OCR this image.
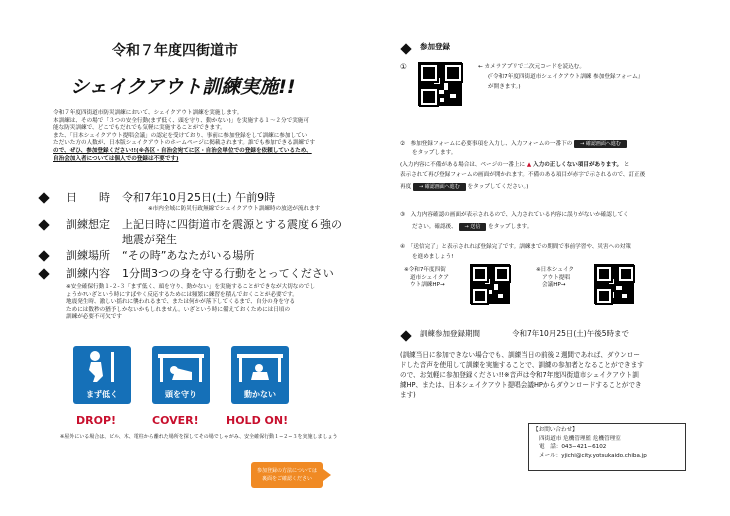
令和７年度四街道市
シェイクアウト訓練実施!!
令和７年度四街道市防災訓練において、シェイクアウト訓練を実施します。
本訓練は、その場で「３つの安全行動(まず低く、頭を守り、動かない)」を実施する１～２分で実施可
能な防災訓練で、どこでもだれでも気軽に実施することができます。
また、「日本シェイクアウト提唱会議」の認定を受けており、事前に参加登録をして訓練に参加してい
ただいた方の人数が、日本版シェイクアウトのホームページに掲載されます。誰でも参加できる訓練です
ので、ぜひ、参加登録ください!!(※各区・自治会宛てに区・自治会単位での登録を依頼しているため、
自治会加入者については個人での登録は不要です)
日　　時 令和7年10月25日(土) 午前9時
※市内全域に防災行政無線でシェイクアウト訓練時の放送が流れます
訓練想定 上記日時に四街道市を震源とする震度６強の
地震が発生
訓練場所 “その時”あなたがいる場所
訓練内容 1分間3つの身を守る行動をとってください
※安全確保行動１-２-３「まず低く、頭を守り、動かない」を実施することができなが大切なのでし
ょうか?いざという時にすばやく反応するためには頻繁に練習を積んでおくことが必要です。
地震発生時、激しい揺れに襲われるまで、または何かが落下してくるまで、自分の身を守る
ためには数秒の猶予しかないかもしれません。いざという時に備えておくためには日頃の
訓練が必要不可欠です
まず低く	頭を守り	動かない
DROP!	COVER! HOLD ON!
※屋外にいる場合は、ビル、木、電柱から離れた場所を探してその場でしゃがみ、安全確保行動１−２−３を実施しましょう
参加登録の方法については
裏面をご確認ください
参加登録
①	← カメラアプリで二次元コードを読込む。
(『令和7年度四街道市シェイクアウト訓練 参加登録フォーム』
が開きます。)
②　参加登録フォームに必要事項を入力し、入力フォームの一番下の → 確認画面へ進む
をタップします。
(入力内容に不備がある場合は、ページの一番上に ▲ 入力の正しくない項目があります。 と
表示されて再び登録フォームの画面が開かれます。不備のある項目が赤字で示されるので、訂正後
再度 → 確認画面へ進む をタップしてください。)
③　入力内容確認の画面が表示されるので、入力されている内容に誤りがないか確認してく
ださい。確認後、 → 送信 をタップします。
④　「送信完了」と表示されれば登録完了です。訓練までの期間で事前学習や、災害への対策
を進めましょう!
※令和7年度四街
道市シェイクア
ウト訓練HP→
※日本シェイク
アウト提唱
会議HP→
訓練参加登録期間	令和7年10月25日(土)午後5時まで
(訓練当日に参加できない場合でも、訓練当日の前後２週間であれば、ダウンロー
ドした音声を使用して訓練を実施することで、訓練の参加者となることができます
ので、お気軽に参加登録ください!!※音声は令和7年度四街道市シェイクアウト訓
練HP、または、日本シェイクアウト提唱会議HPからダウンロードすることができ
ます)
【お問い合わせ】
四街道市 危機管理監 危機管理室
電　話：043−421−6102
メール：yjichi@city.yotsukaido.chiba.jp
